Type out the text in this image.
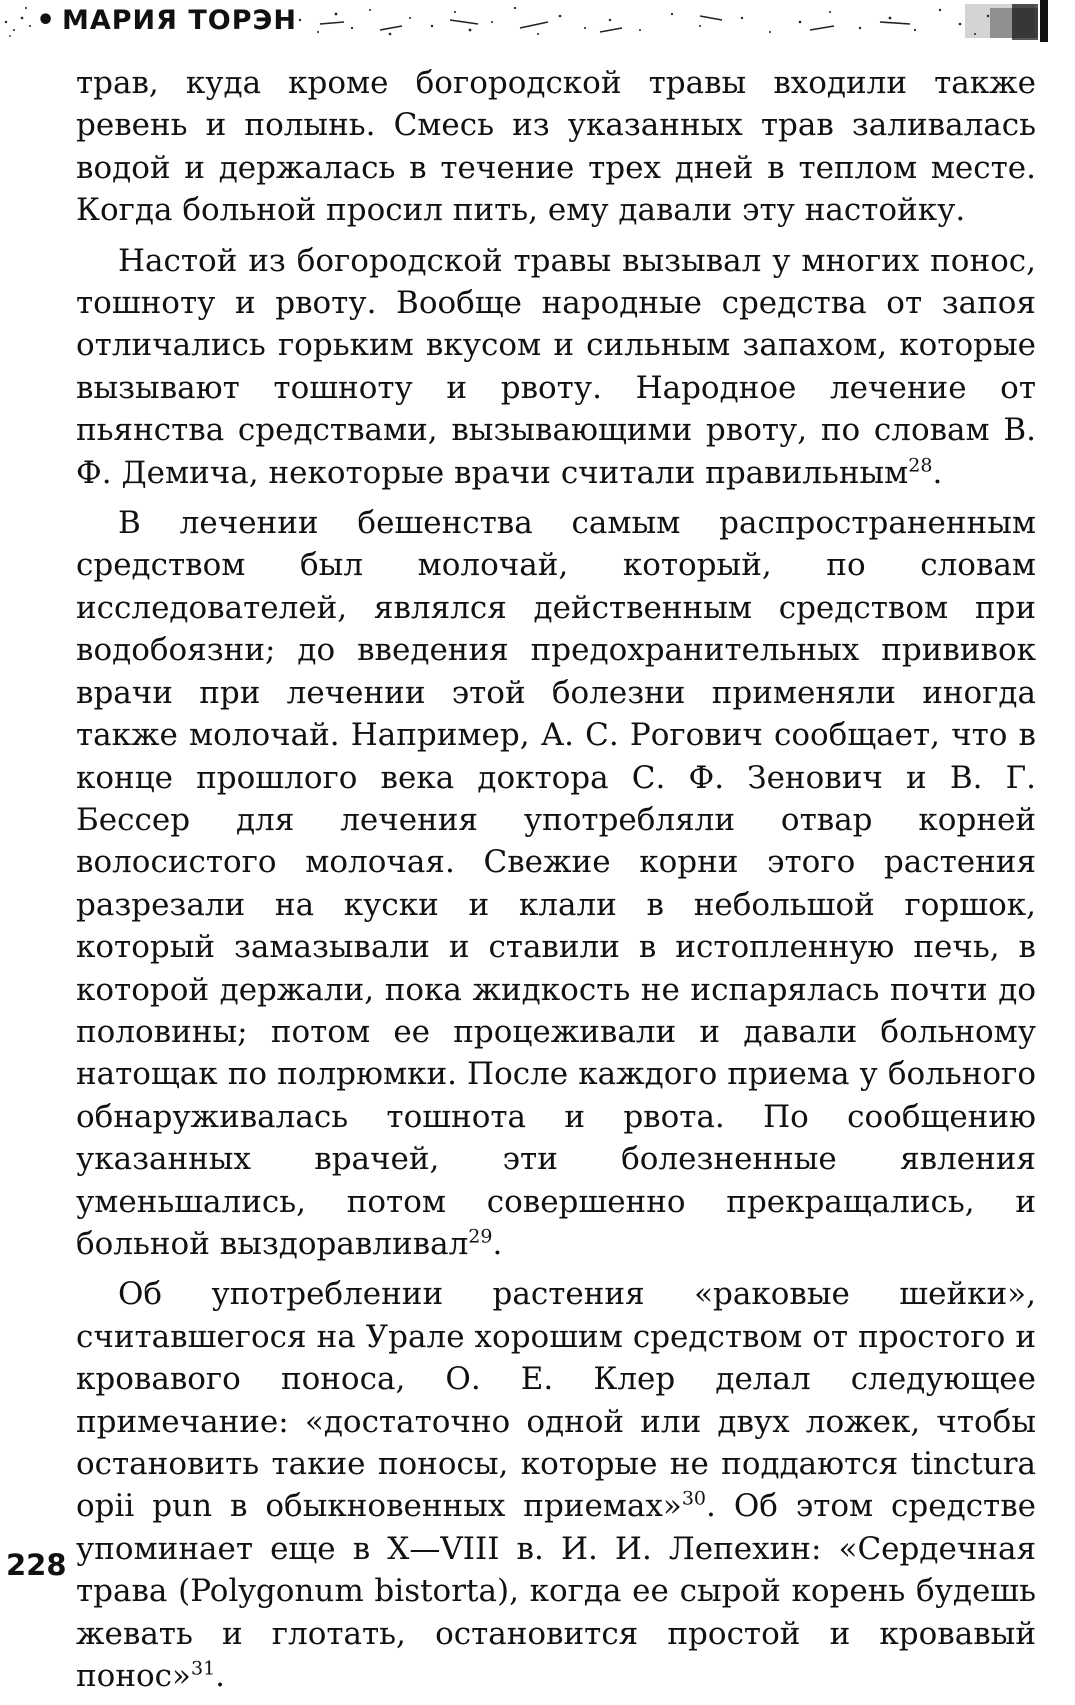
• МАРИЯ ТОРЭН

трав, куда кроме богородской травы входили также ревень и полынь. Смесь из указанных трав заливалась водой и держалась в течение трех дней в теплом месте. Когда больной просил пить, ему давали эту настойку.

Настой из богородской травы вызывал у многих понос, тошноту и рвоту. Вообще народные средства от запоя отличались горьким вкусом и сильным запахом, которые вызывают тошноту и рвоту. Народное лечение от пьянства средствами, вызывающими рвоту, по словам В. Ф. Демича, некоторые врачи считали правильным$^{28}$.

В лечении бешенства самым распространенным средством был молочай, который, по словам исследователей, являлся действенным средством при водобоязни; до введения предохранительных прививок врачи при лечении этой болезни применяли иногда также молочай. Например, А. С. Рогович сообщает, что в конце прошлого века доктора С. Ф. Зенович и В. Г. Бессер для лечения употребляли отвар корней волосистого молочая. Свежие корни этого растения разрезали на куски и клали в небольшой горшок, который замазывали и ставили в истопленную печь, в которой держали, пока жидкость не испарялась почти до половины; потом ее процеживали и давали больному натощак по полрюмки. После каждого приема у больного обнаруживалась тошнота и рвота. По сообщению указанных врачей, эти болезненные явления уменьшались, потом совершенно прекращались, и больной выздоравливал$^{29}$.

Об употреблении растения «раковые шейки», считавшегося на Урале хорошим средством от простого и кровавого поноса, О. Е. Клер делал следующее примечание: «достаточно одной или двух ложек, чтобы остановить такие поносы, которые не поддаются tinctura opii pun в обыкновенных приемах»$^{30}$. Об этом средстве упоминает еще в X—VIII в. И. И. Лепехин: «Сердечная трава (Polygonum bistorta), когда ее сырой корень будешь жевать и глотать, остановится простой и кровавый понос»$^{31}$.

228
